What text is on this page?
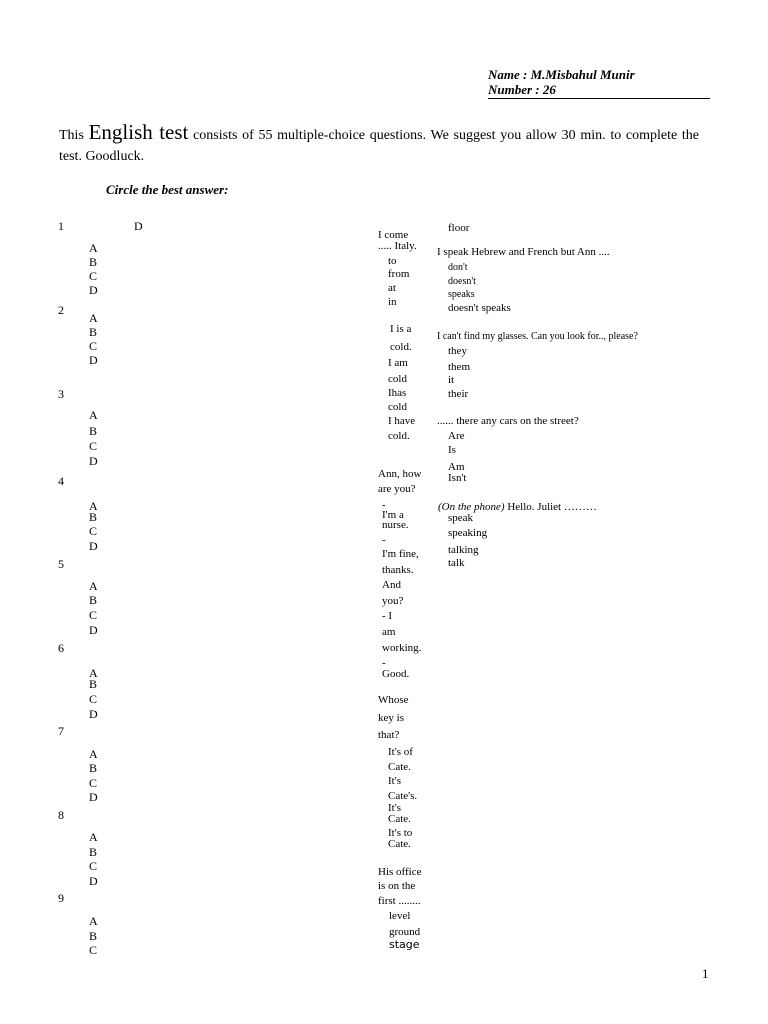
Name : M.Misbahul Munir
Number : 26
This English test consists of 55 multiple-choice questions. We suggest you allow 30 min. to complete the test. Goodluck.
Circle the best answer:
D
1
A
B
C
D
2
A
B
C
D
3
A
B
C
D
4
A
B
C
D
5
A
B
C
D
6
A
B
C
D
7
A
B
C
D
8
A
B
C
D
9
A
B
C
I come
..... Italy.
to
from
at
in
I is a
cold.
I am
cold
Ihas
cold
I have
cold.
Ann, how
are you?
-
I'm a
nurse.
-
I'm fine,
thanks.
And
you?
- I
am
working.
-
Good.
Whose
key is
that?
It's of
Cate.
It's
Cate's.
It's
Cate.
It's to
Cate.
His office
is on the
first ........
level
ground
stage
floor
I speak Hebrew and French but Ann ....
don't
doesn't
speaks
doesn't speaks
I can't find my glasses. Can you look for.., please?
they
them
it
their
...... there any cars on the street?
Are
Is
Am
Isn't
(On the phone) Hello. Juliet ………
speak
speaking
talking
talk
1
